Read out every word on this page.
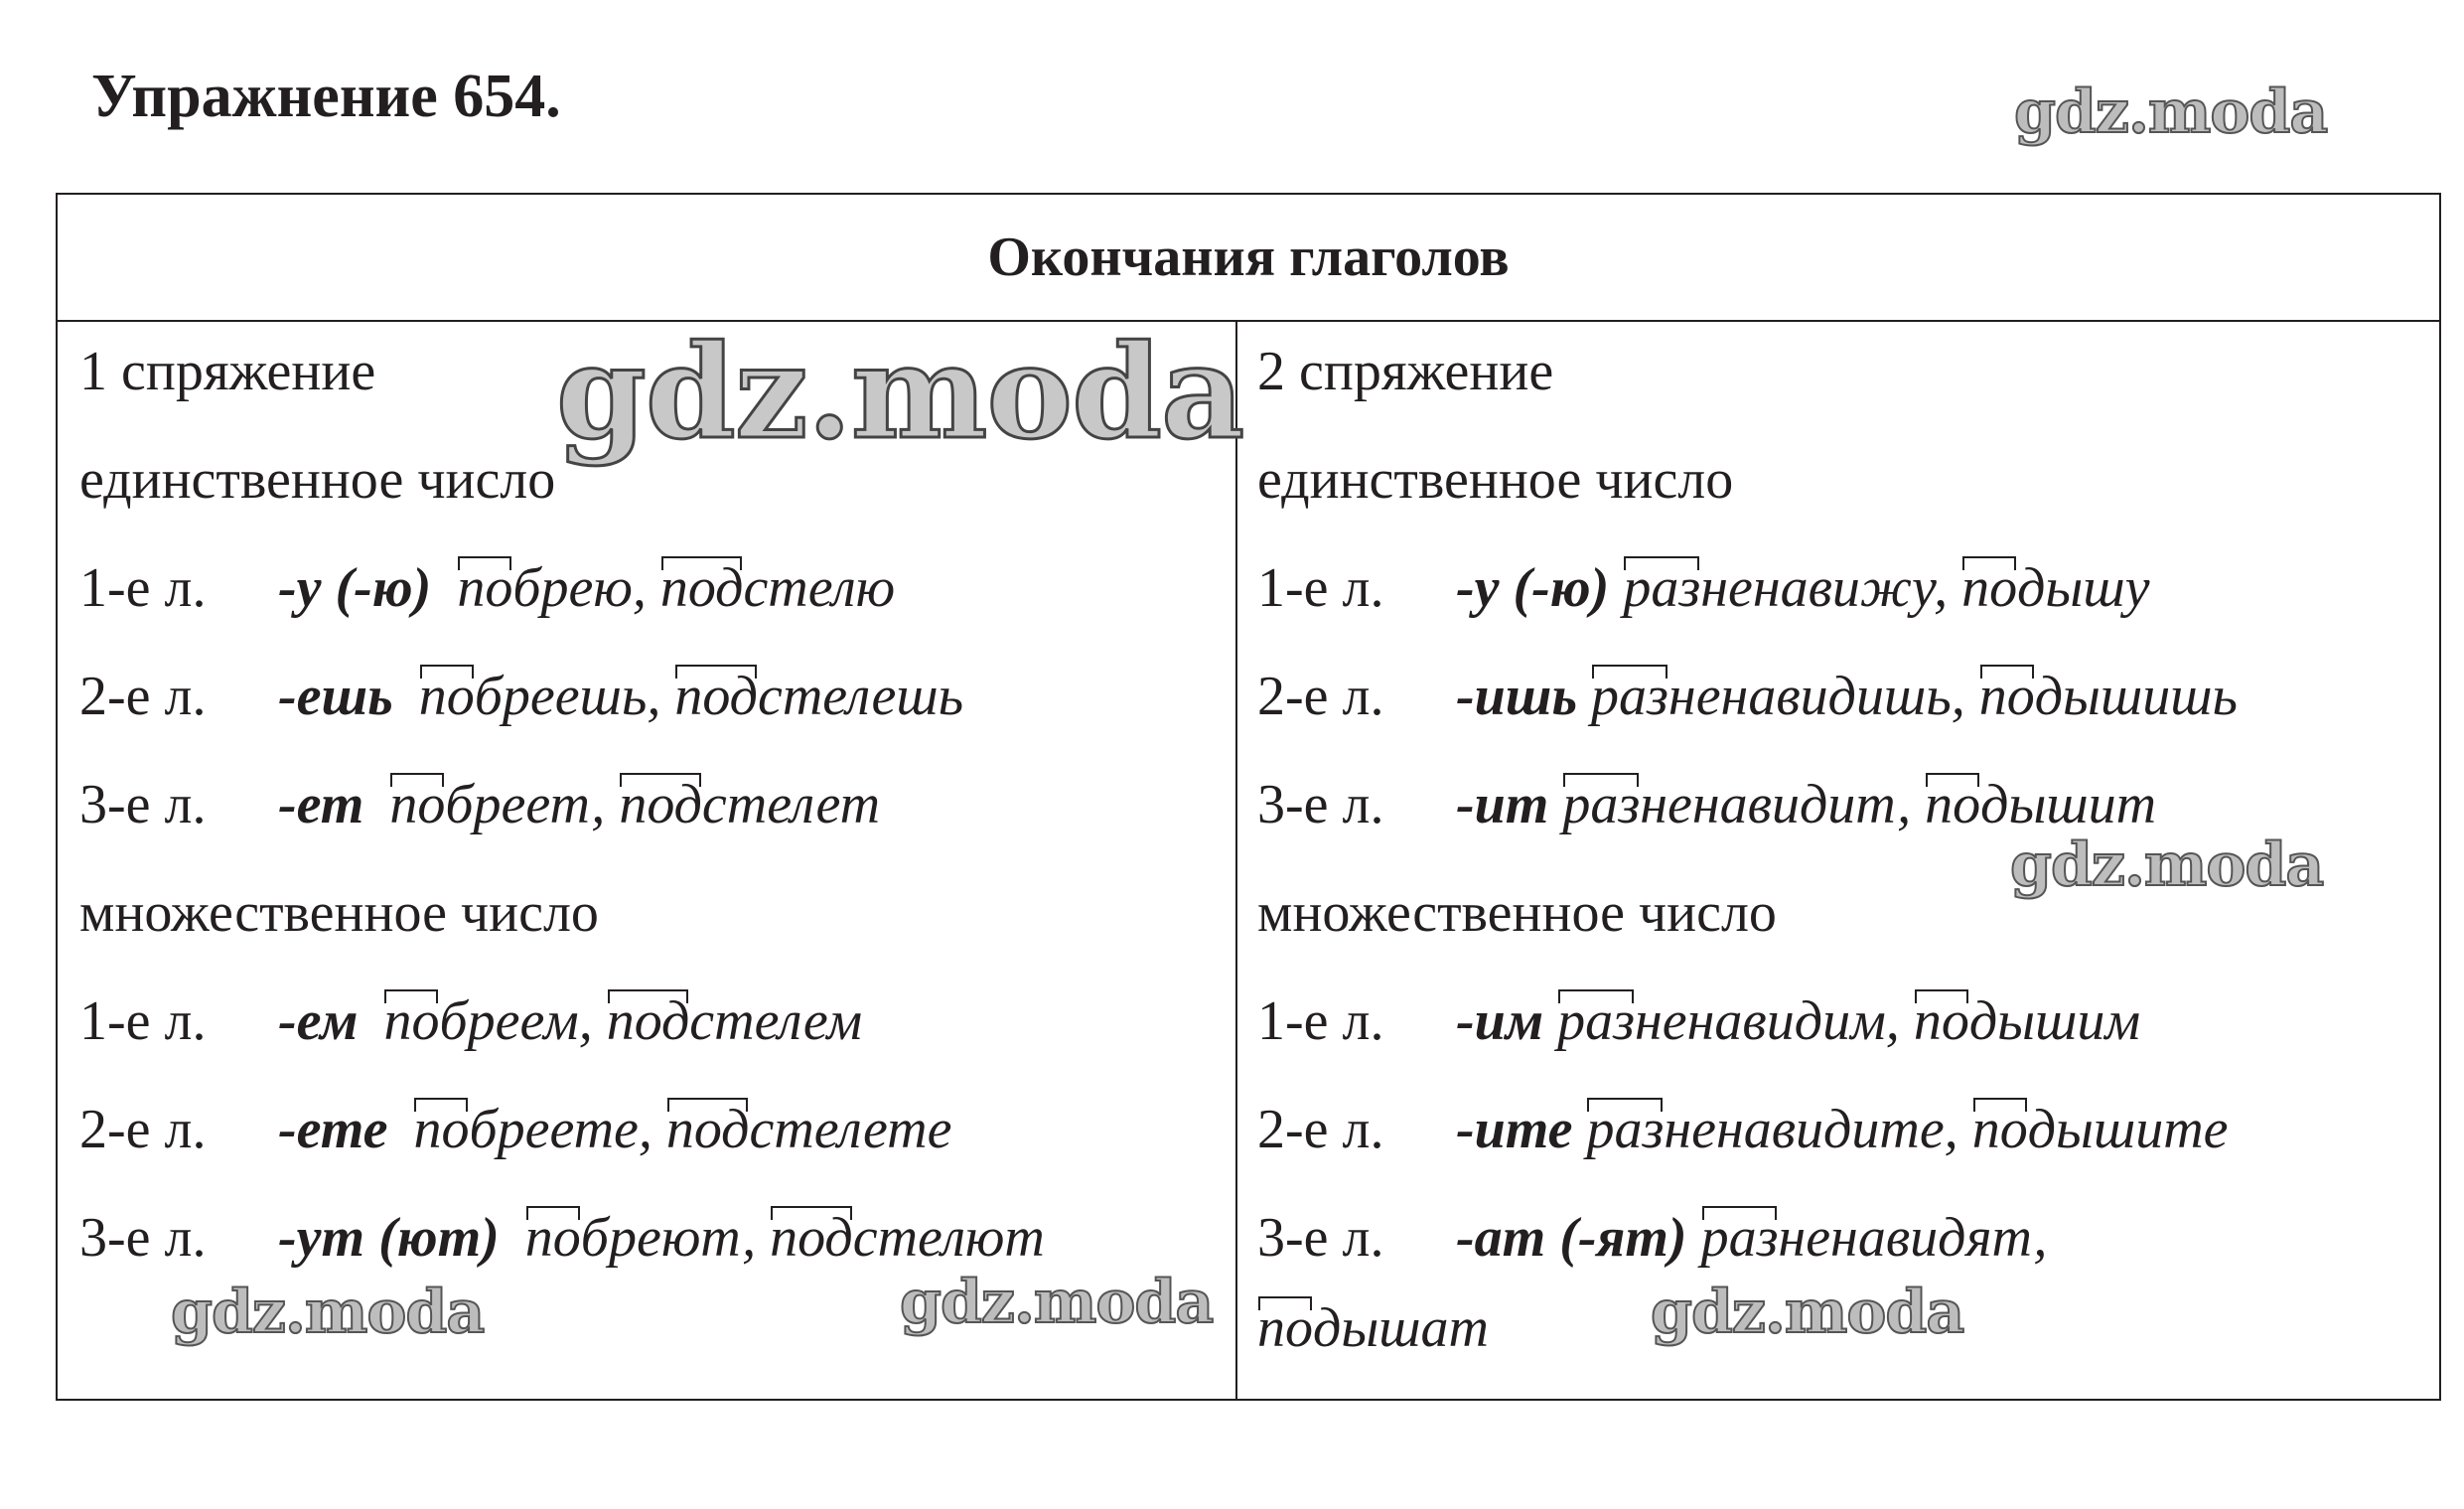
Упражнение 654.	gdz.moda
Окончания глаголов
1 спряжение
единственное число
1-е л. -у (-ю) побрею, подстелю
2-е л. -ешь побреешь, подстелешь
3-е л. -ет побреет, подстелет
множественное число
1-е л. -ем побреем, подстелем
2-е л. -ете побреете, подстелете
3-е л. -ут (ют) побреют, подстелют
2 спряжение
единственное число
1-е л. -у (-ю) разненавижу, подышу
2-е л. -ишь разненавидишь, подышишь
3-е л. -ит разненавидит, подышит
множественное число
1-е л. -им разненавидим, подышим
2-е л. -ите разненавидите, подышите
3-е л. -ат (-ят) разненавидят,
подышат
gdz.moda
gdz.moda
gdz.moda	gdz.moda	gdz.moda
